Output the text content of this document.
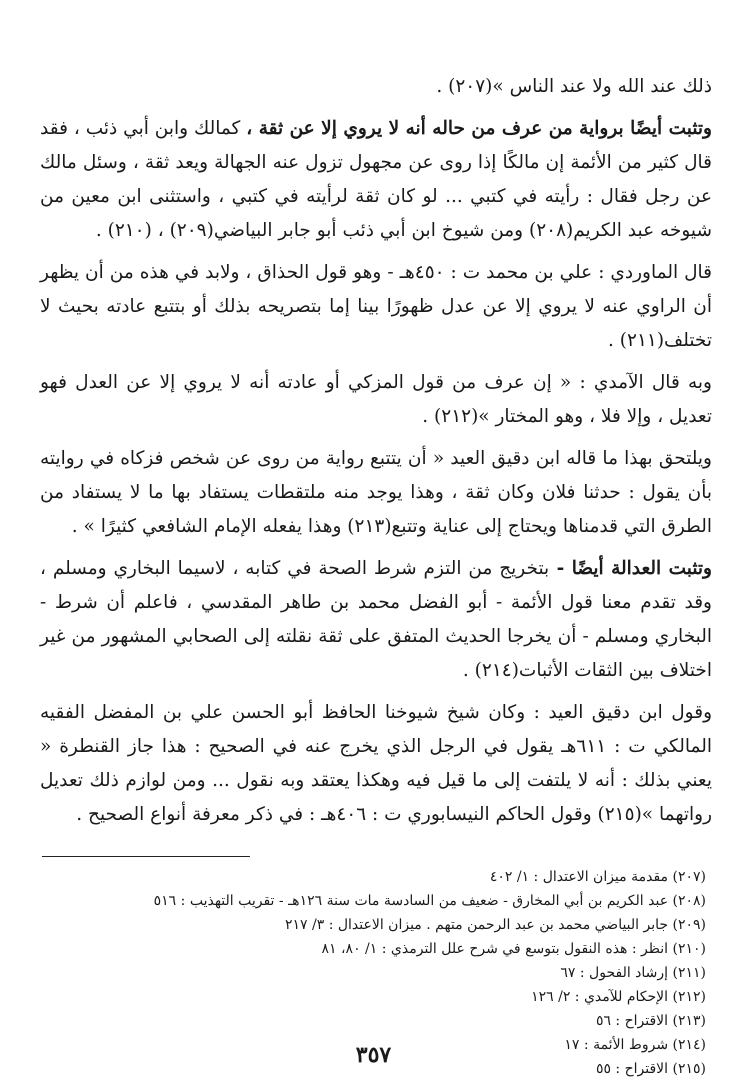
ذلك عند الله ولا عند الناس »(٢٠٧) .

وتثبت أيضًا برواية من عرف من حاله أنه لا يروي إلا عن ثقة ، كمالك وابن أبي ذئب ، فقد قال كثير من الأئمة إن مالكًا إذا روى عن مجهول تزول عنه الجهالة ويعد ثقة ، وسئل مالك عن رجل فقال : رأيته في كتبي ... لو كان ثقة لرأيته في كتبي ، واستثنى ابن معين من شيوخه عبد الكريم(٢٠٨) ومن شيوخ ابن أبي ذئب أبو جابر البياضي(٢٠٩) ، (٢١٠) .

قال الماوردي : علي بن محمد ت : ٤٥٠هـ - وهو قول الحذاق ، ولابد في هذه من أن يظهر أن الراوي عنه لا يروي إلا عن عدل ظهورًا بينا إما بتصريحه بذلك أو بتتبع عادته بحيث لا تختلف(٢١١) .

وبه قال الآمدي : « إن عرف من قول المزكي أو عادته أنه لا يروي إلا عن العدل فهو تعديل ، وإلا فلا ، وهو المختار »(٢١٢) .

ويلتحق بهذا ما قاله ابن دقيق العيد « أن يتتبع رواية من روى عن شخص فزكاه في روايته بأن يقول : حدثنا فلان وكان ثقة ، وهذا يوجد منه ملتقطات يستفاد بها ما لا يستفاد من الطرق التي قدمناها ويحتاج إلى عناية وتتبع(٢١٣) وهذا يفعله الإمام الشافعي كثيرًا » .

وتثبت العدالة أيضًا - بتخريج من التزم شرط الصحة في كتابه ، لاسيما البخاري ومسلم ، وقد تقدم معنا قول الأئمة - أبو الفضل محمد بن طاهر المقدسي ، فاعلم أن شرط - البخاري ومسلم - أن يخرجا الحديث المتفق على ثقة نقلته إلى الصحابي المشهور من غير اختلاف بين الثقات الأثبات(٢١٤) .

وقول ابن دقيق العيد : وكان شيخ شيوخنا الحافظ أبو الحسن علي بن المفضل الفقيه المالكي ت : ٦١١هـ يقول في الرجل الذي يخرج عنه في الصحيح : هذا جاز القنطرة « يعني بذلك : أنه لا يلتفت إلى ما قيل فيه وهكذا يعتقد وبه نقول ... ومن لوازم ذلك تعديل رواتهما »(٢١٥) وقول الحاكم النيسابوري ت : ٤٠٦هـ : في ذكر معرفة أنواع الصحيح .

(٢٠٧) مقدمة ميزان الاعتدال : ١/ ٤٠٢

(٢٠٨) عبد الكريم بن أبي المخارق - ضعيف من السادسة مات سنة ١٢٦هـ - تقريب التهذيب : ٥١٦

(٢٠٩) جابر البياضي محمد بن عبد الرحمن متهم . ميزان الاعتدال : ٣/ ٢١٧

(٢١٠) انظر : هذه النقول بتوسع في شرح علل الترمذي : ١/ ٨٠، ٨١

(٢١١) إرشاد الفحول : ٦٧

(٢١٢) الإحكام للآمدي : ٢/ ١٢٦

(٢١٣) الاقتراح : ٥٦

(٢١٤) شروط الأئمة : ١٧

(٢١٥) الاقتراح : ٥٥

٣٥٧
